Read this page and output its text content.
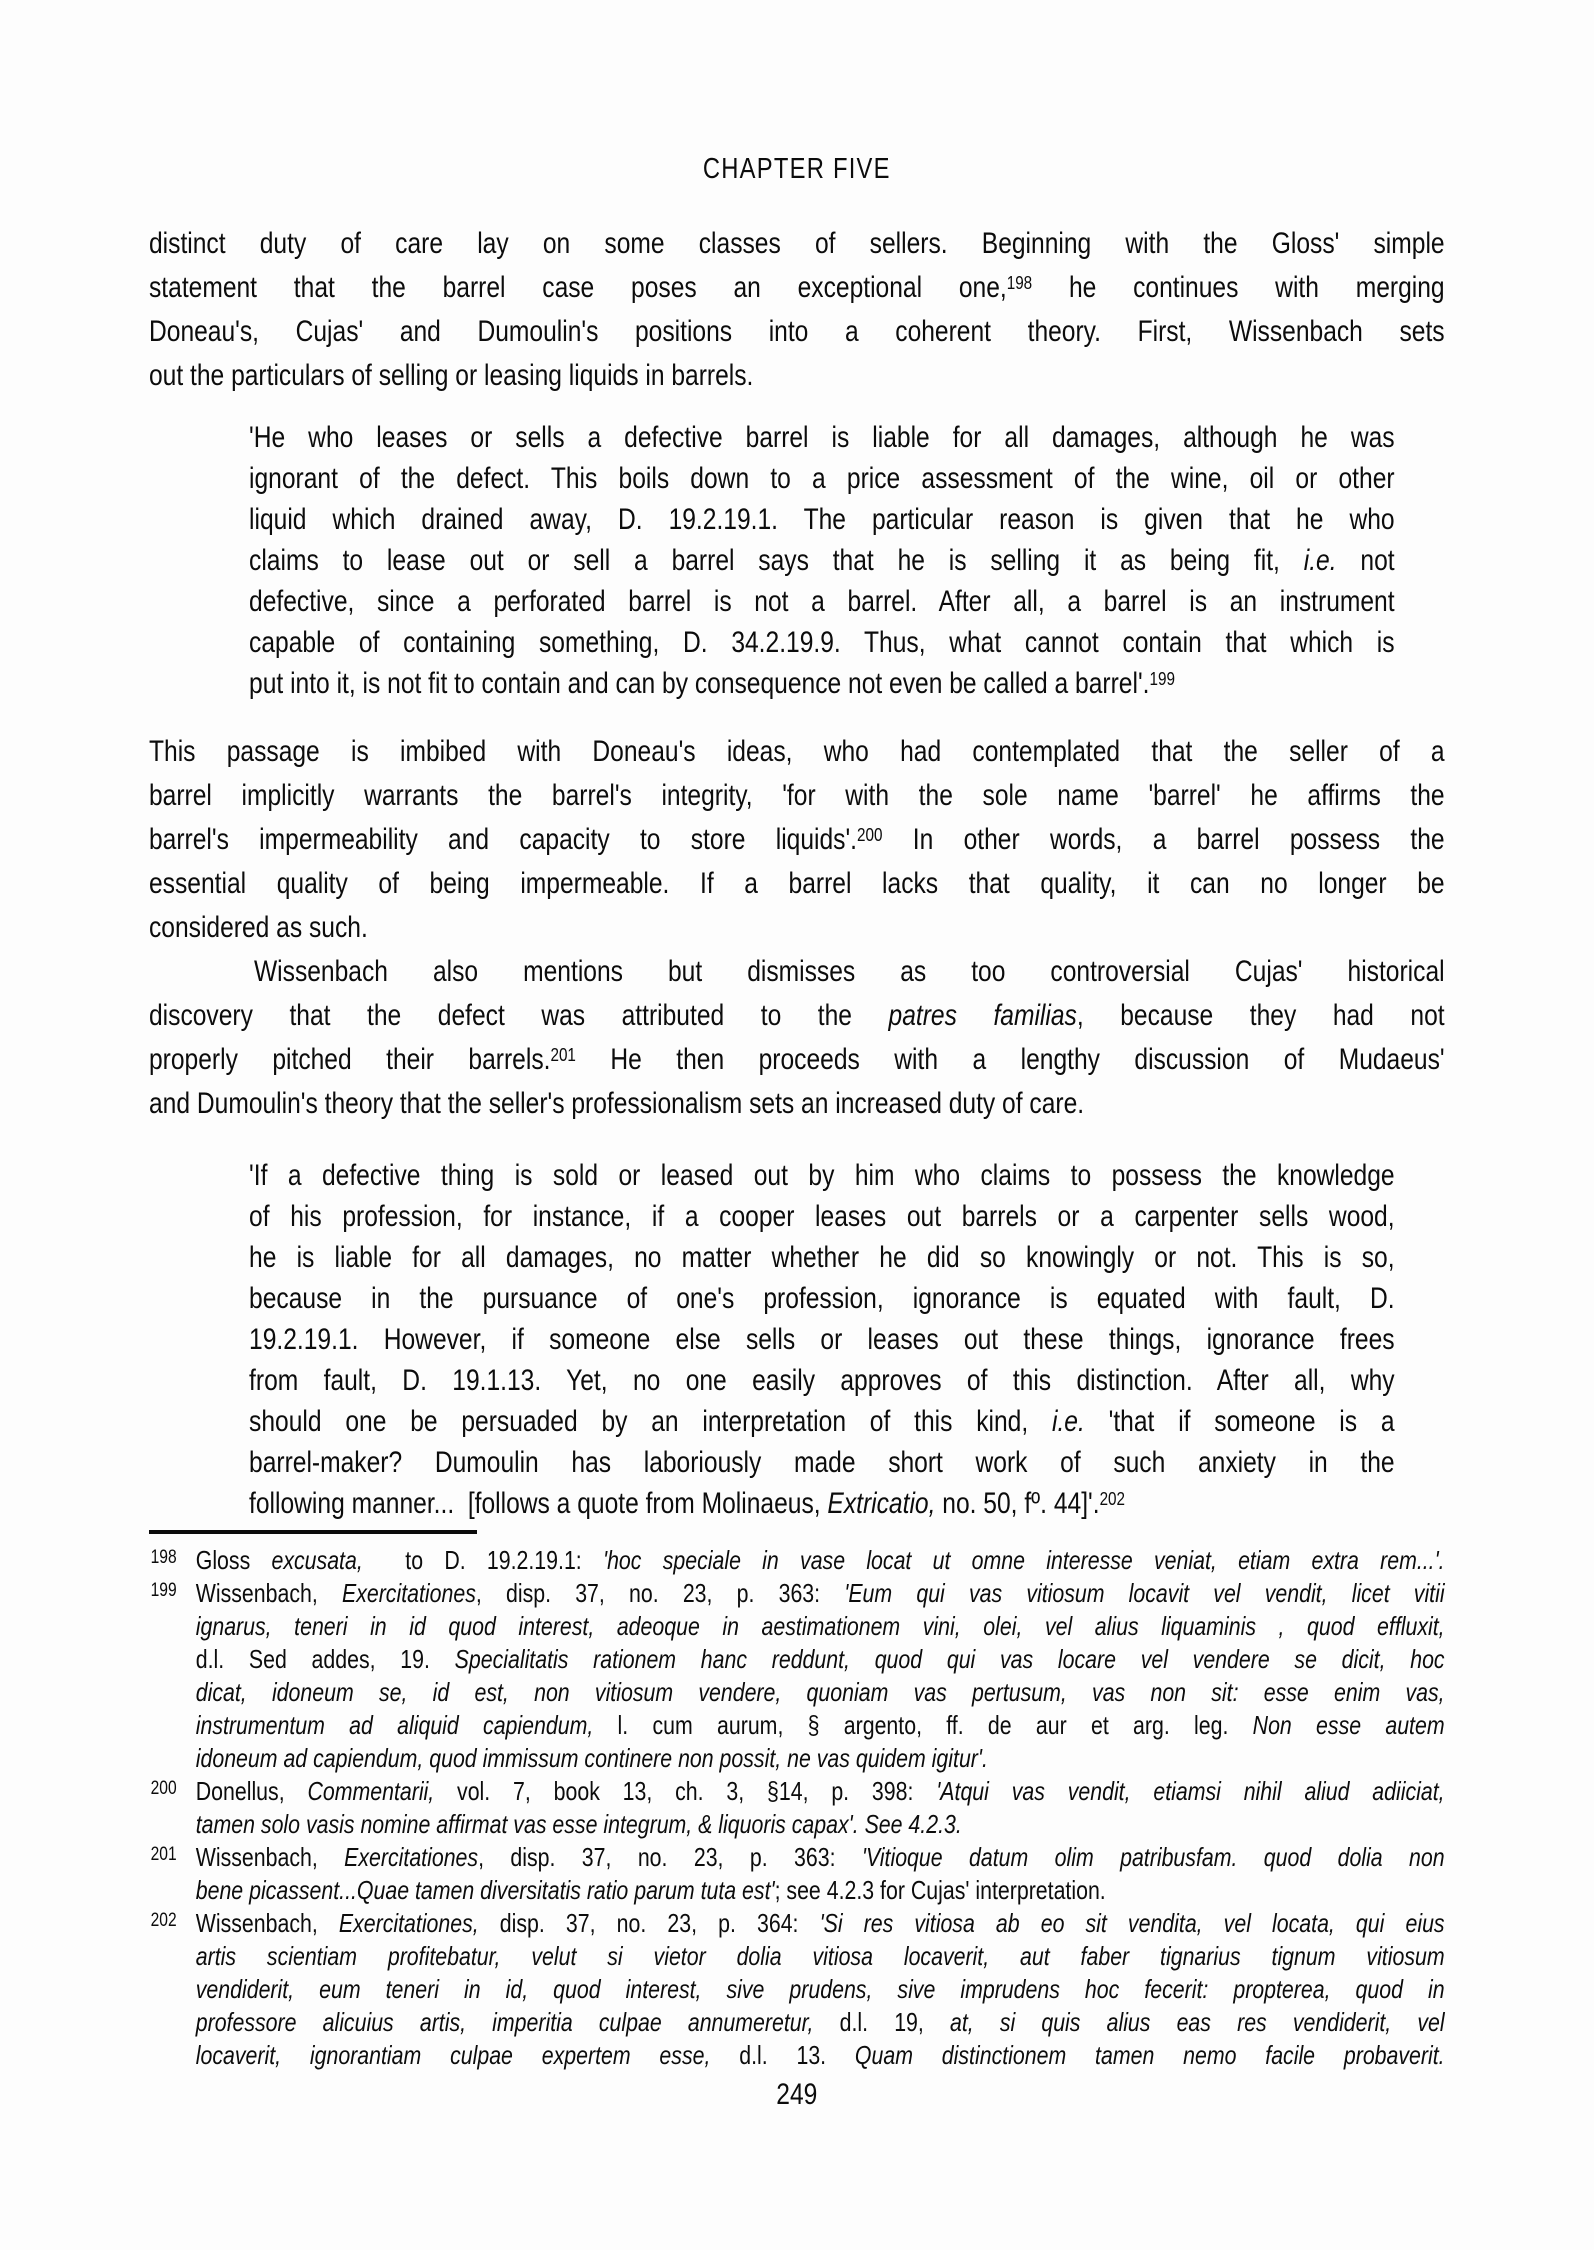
CHAPTER FIVE
distinct duty of care lay on some classes of sellers. Beginning with the Gloss' simple
statement that the barrel case poses an exceptional one,$^{198}$ he continues with merging
Doneau's, Cujas' and Dumoulin's positions into a coherent theory. First, Wissenbach sets
out the particulars of selling or leasing liquids in barrels.
'He who leases or sells a defective barrel is liable for all damages, although he was
ignorant of the defect. This boils down to a price assessment of the wine, oil or other
liquid which drained away, D. 19.2.19.1. The particular reason is given that he who
claims to lease out or sell a barrel says that he is selling it as being fit, i.e. not
defective, since a perforated barrel is not a barrel. After all, a barrel is an instrument
capable of containing something, D. 34.2.19.9. Thus, what cannot contain that which is
put into it, is not fit to contain and can by consequence not even be called a barrel'.$^{199}$
This passage is imbibed with Doneau's ideas, who had contemplated that the seller of a
barrel implicitly warrants the barrel's integrity, 'for with the sole name 'barrel' he affirms the
barrel's impermeability and capacity to store liquids'.$^{200}$ In other words, a barrel possess the
essential quality of being impermeable. If a barrel lacks that quality, it can no longer be
considered as such.
Wissenbach also mentions but dismisses as too controversial Cujas' historical
discovery that the defect was attributed to the patres familias, because they had not
properly pitched their barrels.$^{201}$ He then proceeds with a lengthy discussion of Mudaeus'
and Dumoulin's theory that the seller's professionalism sets an increased duty of care.
'If a defective thing is sold or leased out by him who claims to possess the knowledge
of his profession, for instance, if a cooper leases out barrels or a carpenter sells wood,
he is liable for all damages, no matter whether he did so knowingly or not. This is so,
because in the pursuance of one's profession, ignorance is equated with fault, D.
19.2.19.1. However, if someone else sells or leases out these things, ignorance frees
from fault, D. 19.1.13. Yet, no one easily approves of this distinction. After all, why
should one be persuaded by an interpretation of this kind, i.e. 'that if someone is a
barrel-maker? Dumoulin has laboriously made short work of such anxiety in the
following manner...  [follows a quote from Molinaeus, Extricatio, no. 50, fº. 44]'.$^{202}$
198 Gloss excusata,  to D. 19.2.19.1: 'hoc speciale in vase locat ut omne interesse veniat, etiam extra rem...'.
199 Wissenbach, Exercitationes, disp. 37, no. 23, p. 363: 'Eum qui vas vitiosum locavit vel vendit, licet vitii
ignarus, teneri in id quod interest, adeoque in aestimationem vini, olei, vel alius liquaminis , quod effluxit,
d.l. Sed addes, 19. Specialitatis rationem hanc reddunt, quod qui vas locare vel vendere se dicit, hoc
dicat, idoneum se, id est, non vitiosum vendere, quoniam vas pertusum, vas non sit: esse enim vas,
instrumentum ad aliquid capiendum, l. cum aurum, § argento, ff. de aur et arg. leg. Non esse autem
idoneum ad capiendum, quod immissum continere non possit, ne vas quidem igitur'.
200 Donellus, Commentarii, vol. 7, book 13, ch. 3, §14, p. 398: 'Atqui vas vendit, etiamsi nihil aliud adiiciat,
tamen solo vasis nomine affirmat vas esse integrum, & liquoris capax'. See 4.2.3.
201 Wissenbach, Exercitationes, disp. 37, no. 23, p. 363: 'Vitioque datum olim patribusfam. quod dolia non
bene picassent...Quae tamen diversitatis ratio parum tuta est'; see 4.2.3 for Cujas' interpretation.
202 Wissenbach, Exercitationes, disp. 37, no. 23, p. 364: 'Si res vitiosa ab eo sit vendita, vel locata, qui eius
artis scientiam profitebatur, velut si vietor dolia vitiosa locaverit, aut faber tignarius tignum vitiosum
vendiderit, eum teneri in id, quod interest, sive prudens, sive imprudens hoc fecerit: propterea, quod in
professore alicuius artis, imperitia culpae annumeretur, d.l. 19, at, si quis alius eas res vendiderit, vel
locaverit, ignorantiam culpae expertem esse, d.l. 13. Quam distinctionem tamen nemo facile probaverit.
249
